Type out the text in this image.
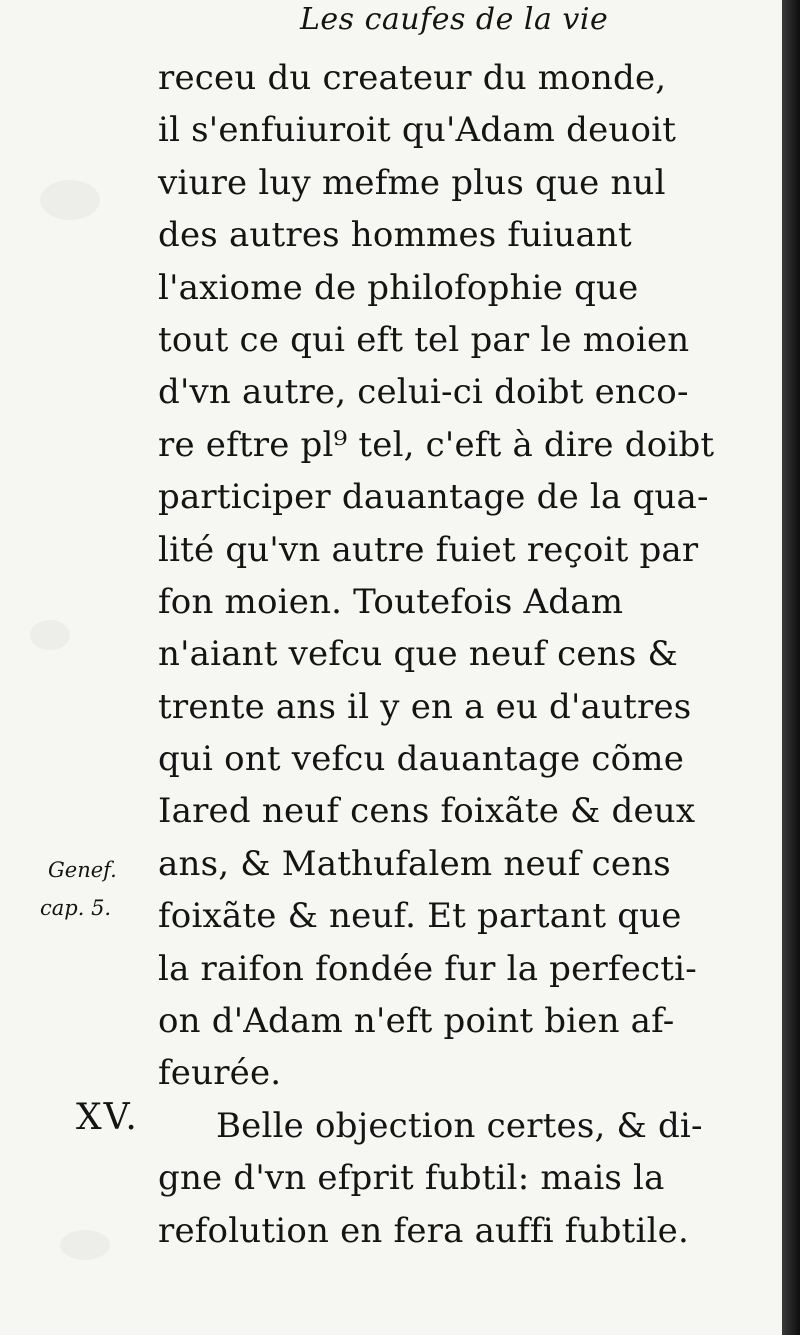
Les caufes de la vie
receu du createur du monde,
il s'enfuiuroit qu'Adam deuoit
viure luy mefme plus que nul
des autres hommes fuiuant
l'axiome de philofophie que
tout ce qui eft tel par le moien
d'vn autre, celui-ci doibt enco-
re eftre pl⁹ tel, c'eft à dire doibt
participer dauantage de la qua-
lité qu'vn autre fuiet reçoit par
fon moien. Toutefois Adam
n'aiant vefcu que neuf cens &
trente ans il y en a eu d'autres
qui ont vefcu dauantage cõme
Iared neuf cens foixãte & deux
ans, & Mathufalem neuf cens
foixãte & neuf. Et partant que
la raifon fondée fur la perfecti-
on d'Adam n'eft point bien af-
feurée.
Belle objection certes, & di-
gne d'vn efprit fubtil: mais la
refolution en fera auffi fubtile.
Genef.
cap. 5.
XV.
